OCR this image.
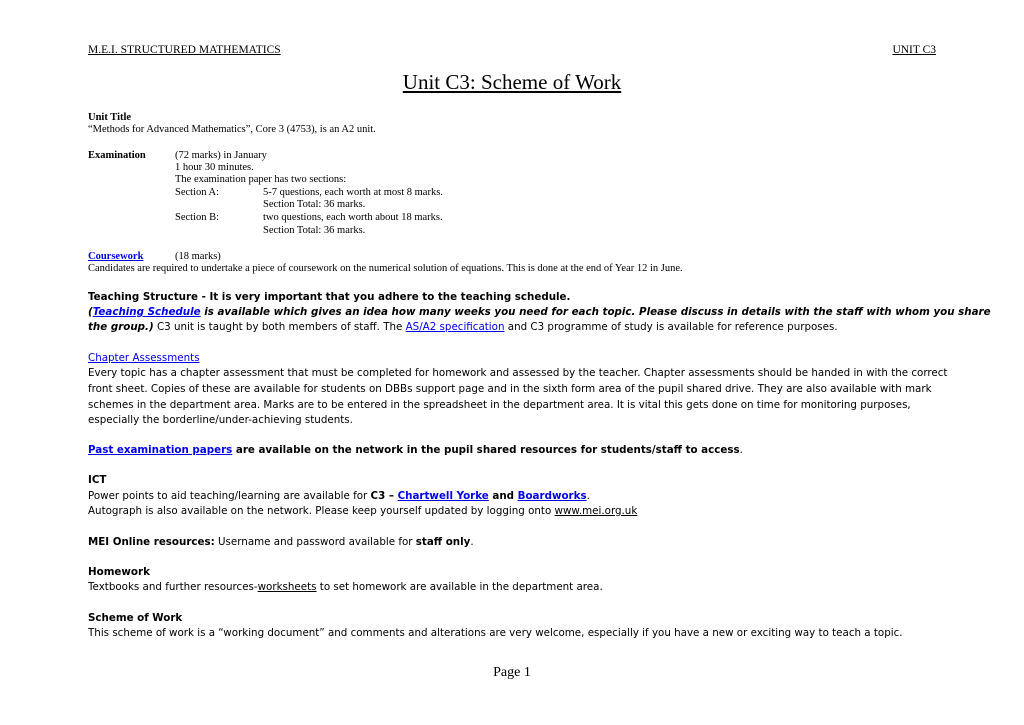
M.E.I. STRUCTURED MATHEMATICS	UNIT C3
Unit C3: Scheme of Work
Unit Title
“Methods for Advanced Mathematics”, Core 3 (4753), is an A2 unit.
Examination	(72 marks) in January
1 hour 30 minutes.
The examination paper has two sections:
Section A:	5-7 questions, each worth at most 8 marks.
Section Total: 36 marks.
Section B:	two questions, each worth about 18 marks.
Section Total: 36 marks.
Coursework	(18 marks)
Candidates are required to undertake a piece of coursework on the numerical solution of equations. This is done at the end of Year 12 in June.
Teaching Structure - It is very important that you adhere to the teaching schedule.
(Teaching Schedule is available which gives an idea how many weeks you need for each topic. Please discuss in details with the staff with whom you share
the group.) C3 unit is taught by both members of staff. The AS/A2 specification and C3 programme of study is available for reference purposes.
Chapter Assessments
Every topic has a chapter assessment that must be completed for homework and assessed by the teacher. Chapter assessments should be handed in with the correct
front sheet. Copies of these are available for students on DBBs support page and in the sixth form area of the pupil shared drive. They are also available with mark
schemes in the department area. Marks are to be entered in the spreadsheet in the department area. It is vital this gets done on time for monitoring purposes,
especially the borderline/under-achieving students.
Past examination papers are available on the network in the pupil shared resources for students/staff to access.
ICT
Power points to aid teaching/learning are available for C3 – Chartwell Yorke and Boardworks.
Autograph is also available on the network. Please keep yourself updated by logging onto www.mei.org.uk
MEI Online resources: Username and password available for staff only.
Homework
Textbooks and further resources-worksheets to set homework are available in the department area.
Scheme of Work
This scheme of work is a “working document” and comments and alterations are very welcome, especially if you have a new or exciting way to teach a topic.
Page 1
